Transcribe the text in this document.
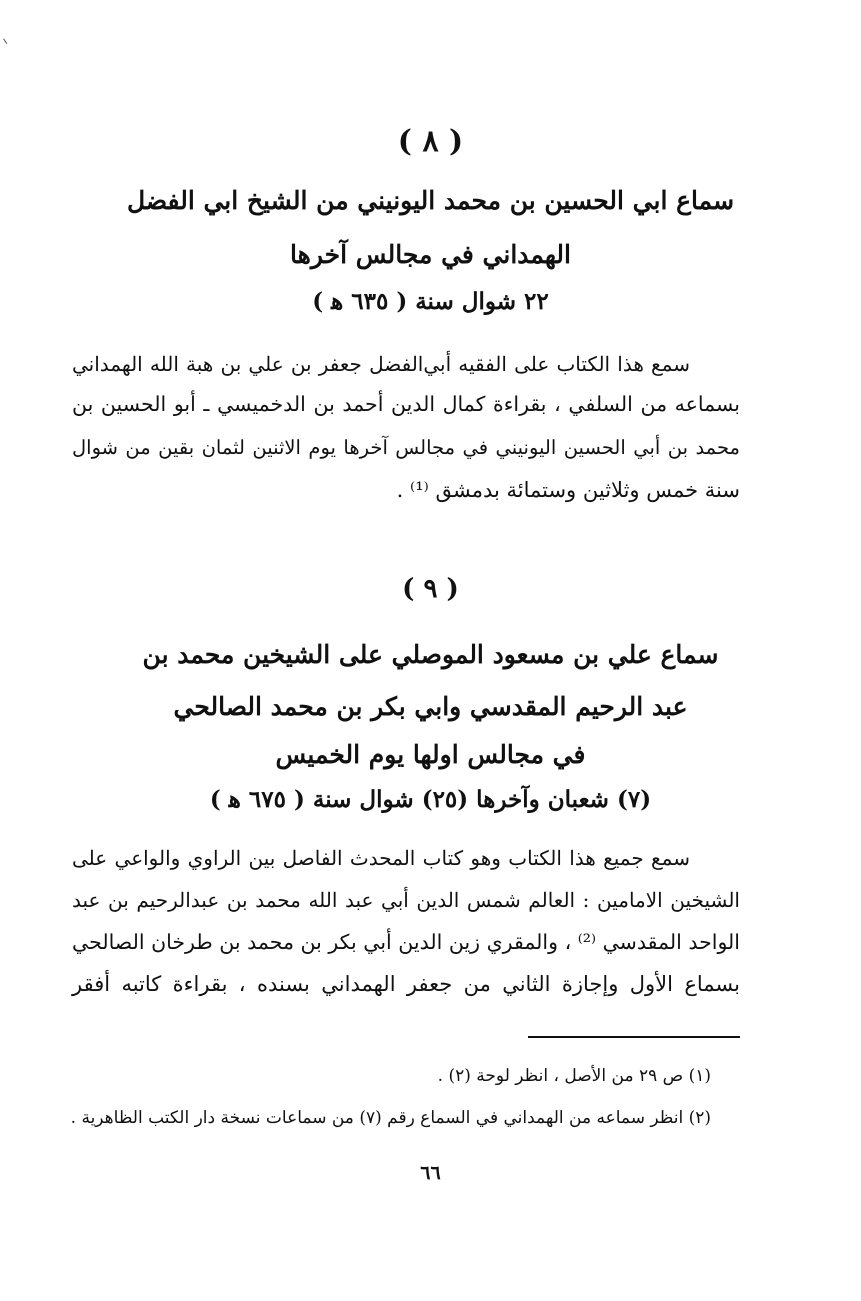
( ٨ )
سماع ابي الحسين بن محمد اليونيني من الشيخ ابي الفضل
الهمداني في مجالس آخرها
٢٢ شوال سنة ( ٦٣٥ ﻫ )
سمع هذا الكتاب على الفقيه أبي‌الفضل جعفر بن علي بن هبة الله الهمداني
بسماعه من السلفي ، بقراءة كمال الدين أحمد بن الدخميسي ـ أبو الحسين بن
محمد بن أبي الحسين اليونيني في مجالس آخرها يوم الاثنين لثمان بقين من شوال
سنة خمس وثلاثين وستمائة بدمشق ⁽¹⁾ .
( ٩ )
سماع علي بن مسعود الموصلي على الشيخين محمد بن
عبد الرحيم المقدسي وابي بكر بن محمد الصالحي
في مجالس اولها يوم الخميس
(٧) شعبان وآخرها (٢٥) شوال سنة ( ٦٧٥ ﻫ )
سمع جميع هذا الكتاب وهو كتاب المحدث الفاصل بين الراوي والواعي على
الشيخين الامامين : العالم شمس الدين أبي عبد الله محمد بن عبدالرحيم بن عبد
الواحد المقدسي ⁽²⁾ ، والمقري زين الدين أبي بكر بن محمد بن طرخان الصالحي
بسماع الأول وإجازة الثاني من جعفر الهمداني بسنده ، بقراءة كاتبه أفقر
(١) ص ٢٩ من الأصل ، انظر لوحة (٢) .
(٢) انظر سماعه من الهمداني في السماع رقم (٧) من سماعات نسخة دار الكتب الظاهرية .
٦٦
